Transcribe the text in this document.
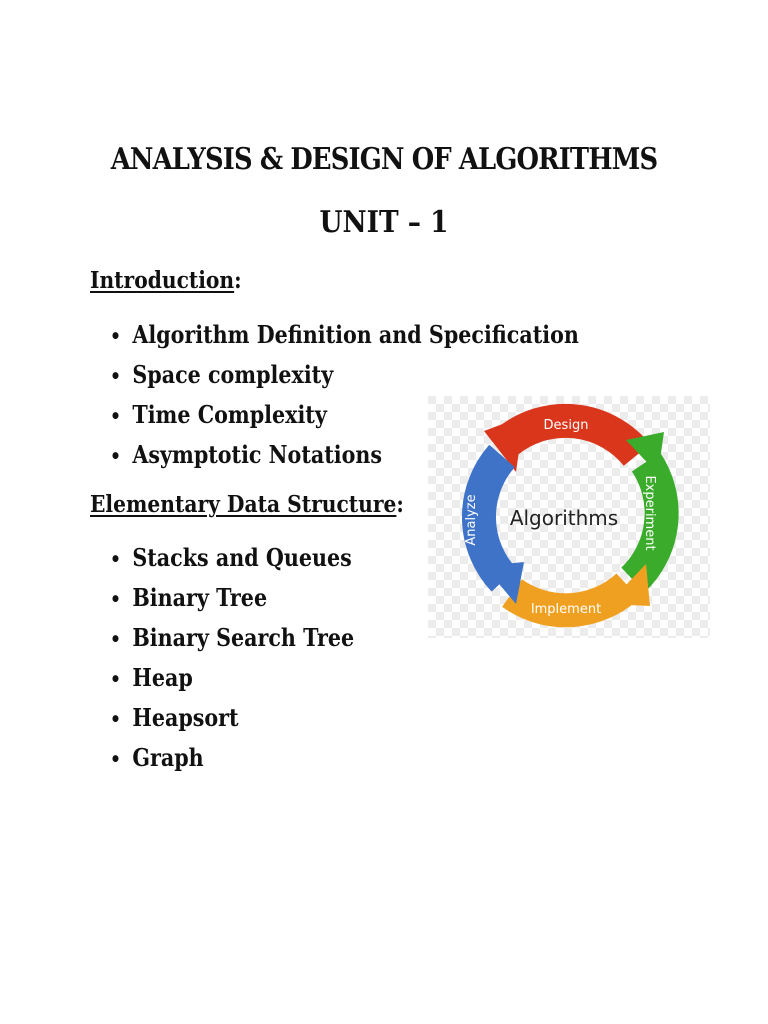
ANALYSIS & DESIGN OF ALGORITHMS
UNIT – 1
Introduction:
• Algorithm Definition and Specification
• Space complexity
• Time Complexity
• Asymptotic Notations
Elementary Data Structure:
• Stacks and Queues
• Binary Tree
• Binary Search Tree
• Heap
• Heapsort
• Graph
Design
Experiment
Implement
Analyze Algorithms
